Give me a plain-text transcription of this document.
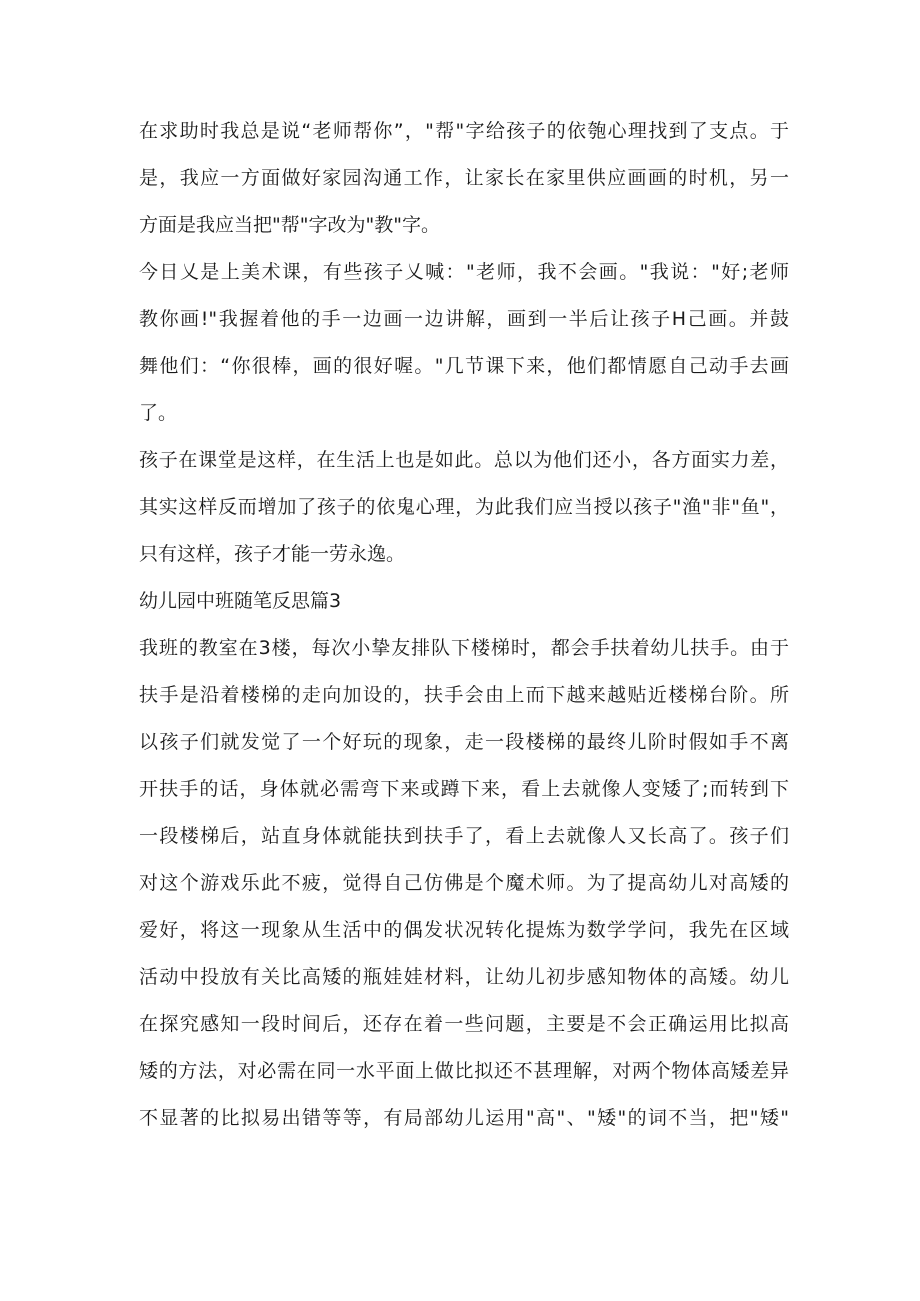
在求助时我总是说“老师帮你”，"帮"字给孩子的依匏心理找到了支点。于
是，我应一方面做好家园沟通工作，让家长在家里供应画画的时机，另一
方面是我应当把"帮"字改为"教"字。
今日乂是上美术课，有些孩子乂喊："老师，我不会画。"我说："好;老师
教你画!"我握着他的手一边画一边讲解，画到一半后让孩子H己画。并鼓
舞他们：“你很棒，画的很好喔。"几节课下来，他们都情愿自己动手去画
了。
孩子在课堂是这样，在生活上也是如此。总以为他们还小，各方面实力差，
其实这样反而增加了孩子的依鬼心理，为此我们应当授以孩子"渔"非"鱼"，
只有这样，孩子才能一劳永逸。
幼儿园中班随笔反思篇3
我班的教室在3楼，每次小挚友排队下楼梯时，都会手扶着幼儿扶手。由于
扶手是沿着楼梯的走向加设的，扶手会由上而下越来越贴近楼梯台阶。所
以孩子们就发觉了一个好玩的现象，走一段楼梯的最终儿阶时假如手不离
开扶手的话，身体就必需弯下来或蹲下来，看上去就像人变矮了;而转到下
一段楼梯后，站直身体就能扶到扶手了，看上去就像人又长高了。孩子们
对这个游戏乐此不疲，觉得自己仿佛是个魔术师。为了提高幼儿对高矮的
爱好，将这一现象从生活中的偶发状况转化提炼为数学学问，我先在区域
活动中投放有关比高矮的瓶娃娃材料，让幼儿初步感知物体的高矮。幼儿
在探究感知一段时间后，还存在着一些问题，主要是不会正确运用比拟高
矮的方法，对必需在同一水平面上做比拟还不甚理解，对两个物体高矮差异
不显著的比拟易出错等等，有局部幼儿运用"高"、"矮"的词不当，把"矮"
